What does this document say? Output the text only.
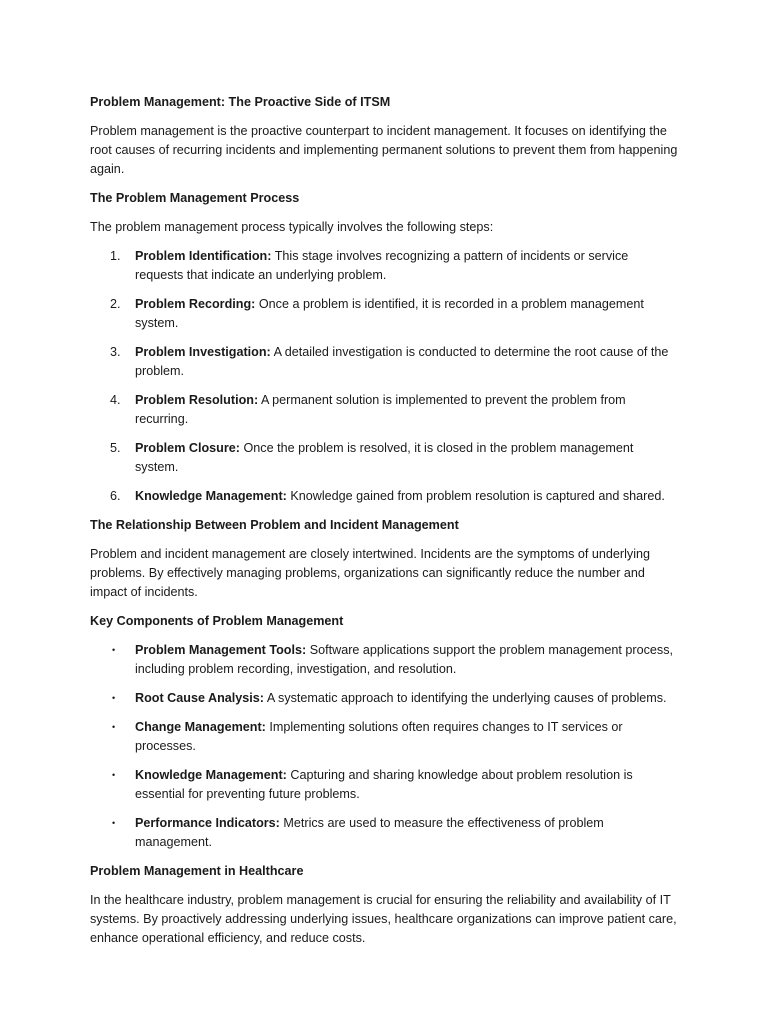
Problem Management: The Proactive Side of ITSM

Problem management is the proactive counterpart to incident management. It focuses on identifying the root causes of recurring incidents and implementing permanent solutions to prevent them from happening again.

The Problem Management Process

The problem management process typically involves the following steps:

1.	Problem Identification: This stage involves recognizing a pattern of incidents or service requests that indicate an underlying problem.
2.	Problem Recording: Once a problem is identified, it is recorded in a problem management system.
3.	Problem Investigation: A detailed investigation is conducted to determine the root cause of the problem.
4.	Problem Resolution: A permanent solution is implemented to prevent the problem from recurring.
5.	Problem Closure: Once the problem is resolved, it is closed in the problem management system.
6.	Knowledge Management: Knowledge gained from problem resolution is captured and shared.

The Relationship Between Problem and Incident Management

Problem and incident management are closely intertwined. Incidents are the symptoms of underlying problems. By effectively managing problems, organizations can significantly reduce the number and impact of incidents.

Key Components of Problem Management

•	Problem Management Tools: Software applications support the problem management process, including problem recording, investigation, and resolution.
•	Root Cause Analysis: A systematic approach to identifying the underlying causes of problems.
•	Change Management: Implementing solutions often requires changes to IT services or processes.
•	Knowledge Management: Capturing and sharing knowledge about problem resolution is essential for preventing future problems.
•	Performance Indicators: Metrics are used to measure the effectiveness of problem management.

Problem Management in Healthcare

In the healthcare industry, problem management is crucial for ensuring the reliability and availability of IT systems. By proactively addressing underlying issues, healthcare organizations can improve patient care, enhance operational efficiency, and reduce costs.
